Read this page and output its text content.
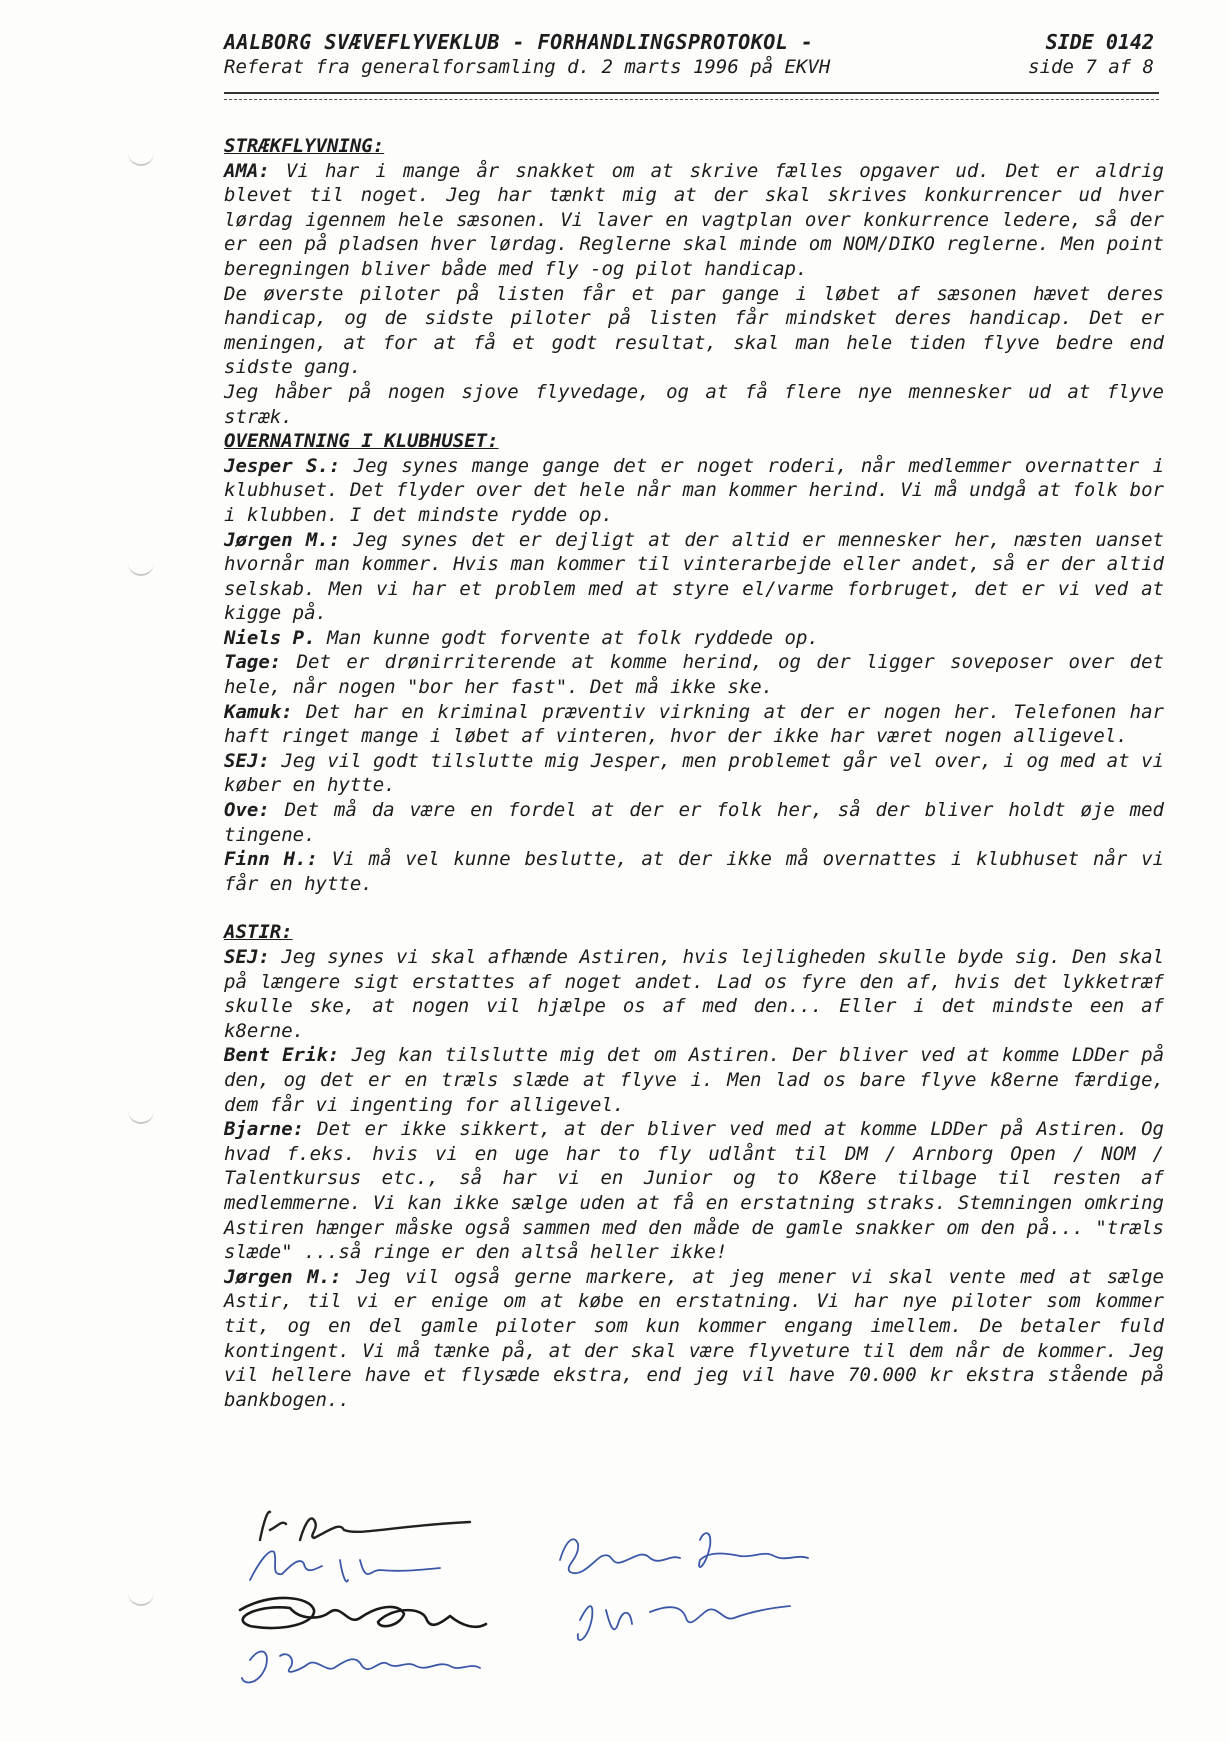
AALBORG SVÆVEFLYVEKLUB - FORHANDLINGSPROTOKOL -
Referat fra generalforsamling d. 2 marts 1996 på EKVH
SIDE 0142
side 7 af 8
STRÆKFLYVNING:

AMA: Vi har i mange år snakket om at skrive fælles opgaver ud. Det er aldrig blevet til noget. Jeg har tænkt mig at der skal skrives konkurrencer ud hver lørdag igennem hele sæsonen. Vi laver en vagtplan over konkurrence ledere, så der er een på pladsen hver lørdag. Reglerne skal minde om NOM/DIKO reglerne. Men point beregningen bliver både med fly -og pilot handicap.

De øverste piloter på listen får et par gange i løbet af sæsonen hævet deres handicap, og de sidste piloter på listen får mindsket deres handicap. Det er meningen, at for at få et godt resultat, skal man hele tiden flyve bedre end sidste gang.

Jeg håber på nogen sjove flyvedage, og at få flere nye mennesker ud at flyve stræk.

OVERNATNING I KLUBHUSET:

Jesper S.: Jeg synes mange gange det er noget roderi, når medlemmer overnatter i klubhuset. Det flyder over det hele når man kommer herind. Vi må undgå at folk bor i klubben. I det mindste rydde op.

Jørgen M.: Jeg synes det er dejligt at der altid er mennesker her, næsten uanset hvornår man kommer. Hvis man kommer til vinterarbejde eller andet, så er der altid selskab. Men vi har et problem med at styre el/varme forbruget, det er vi ved at kigge på.

Niels P. Man kunne godt forvente at folk ryddede op.

Tage: Det er drønirriterende at komme herind, og der ligger soveposer over det hele, når nogen "bor her fast". Det må ikke ske.

Kamuk: Det har en kriminal præventiv virkning at der er nogen her. Telefonen har haft ringet mange i løbet af vinteren, hvor der ikke har været nogen alligevel.

SEJ: Jeg vil godt tilslutte mig Jesper, men problemet går vel over, i og med at vi køber en hytte.

Ove: Det må da være en fordel at der er folk her, så der bliver holdt øje med tingene.

Finn H.: Vi må vel kunne beslutte, at der ikke må overnattes i klubhuset når vi får en hytte.

ASTIR:

SEJ: Jeg synes vi skal afhænde Astiren, hvis lejligheden skulle byde sig. Den skal på længere sigt erstattes af noget andet. Lad os fyre den af, hvis det lykketræf skulle ske, at nogen vil hjælpe os af med den... Eller i det mindste een af k8erne.

Bent Erik: Jeg kan tilslutte mig det om Astiren. Der bliver ved at komme LDDer på den, og det er en træls slæde at flyve i. Men lad os bare flyve k8erne færdige, dem får vi ingenting for alligevel.

Bjarne: Det er ikke sikkert, at der bliver ved med at komme LDDer på Astiren. Og hvad f.eks. hvis vi en uge har to fly udlånt til DM / Arnborg Open / NOM / Talentkursus etc., så har vi en Junior og to K8ere tilbage til resten af medlemmerne. Vi kan ikke sælge uden at få en erstatning straks. Stemningen omkring Astiren hænger måske også sammen med den måde de gamle snakker om den på... "træls slæde" ...så ringe er den altså heller ikke!

Jørgen M.: Jeg vil også gerne markere, at jeg mener vi skal vente med at sælge Astir, til vi er enige om at købe en erstatning. Vi har nye piloter som kommer tit, og en del gamle piloter som kun kommer engang imellem. De betaler fuld kontingent. Vi må tænke på, at der skal være flyveture til dem når de kommer. Jeg vil hellere have et flysæde ekstra, end jeg vil have 70.000 kr ekstra stående på bankbogen..
